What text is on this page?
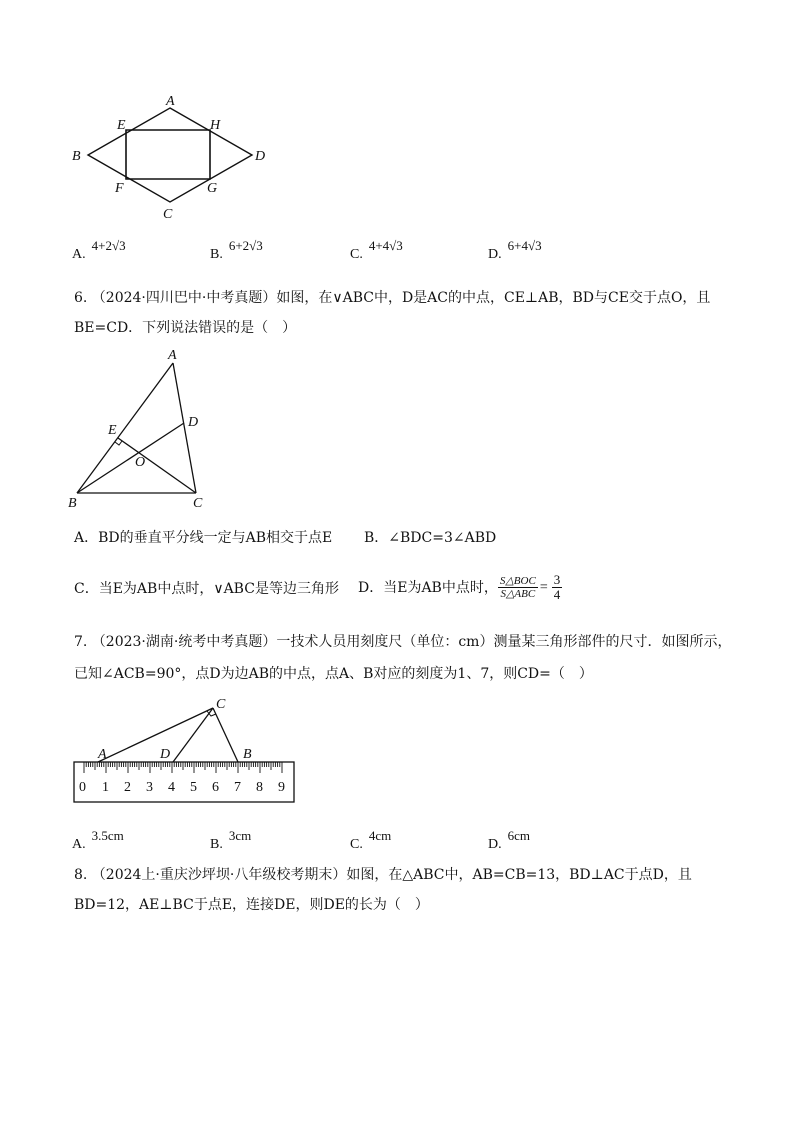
A
E	H
B	D
F	G
C
A.4+2√3
B.6+2√3
C.4+4√3
D.6+4√3
6. （2024·四川巴中·中考真题）如图，在∨ABC中，D是AC的中点，CE⊥AB，BD与CE交于点O，且
BE=CD．下列说法错误的是（　）
A
E
D
O
B	C
A．BD的垂直平分线一定与AB相交于点E B．∠BDC=3∠ABD
C．当E为AB中点时，∨ABC是等边三角形 D．当E为AB中点时， $\frac{\text{S△BOC}}{\text{S△ABC}} = \frac{3}{4}$
7. （2023·湖南·统考中考真题）一技术人员用刻度尺（单位：cm）测量某三角形部件的尺寸．如图所示，
已知∠ACB=90°，点D为边AB的中点，点A、B对应的刻度为1、7，则CD=（　）
A	D
C
B
0 1 2 3 4 5 6 7 8 9
A.3.5cm
B.3cm
C.4cm
D.6cm
8. （2024上·重庆沙坪坝·八年级校考期末）如图，在△ABC中，AB=CB=13，BD⊥AC于点D，且
BD=12，AE⊥BC于点E，连接DE，则DE的长为（　）
